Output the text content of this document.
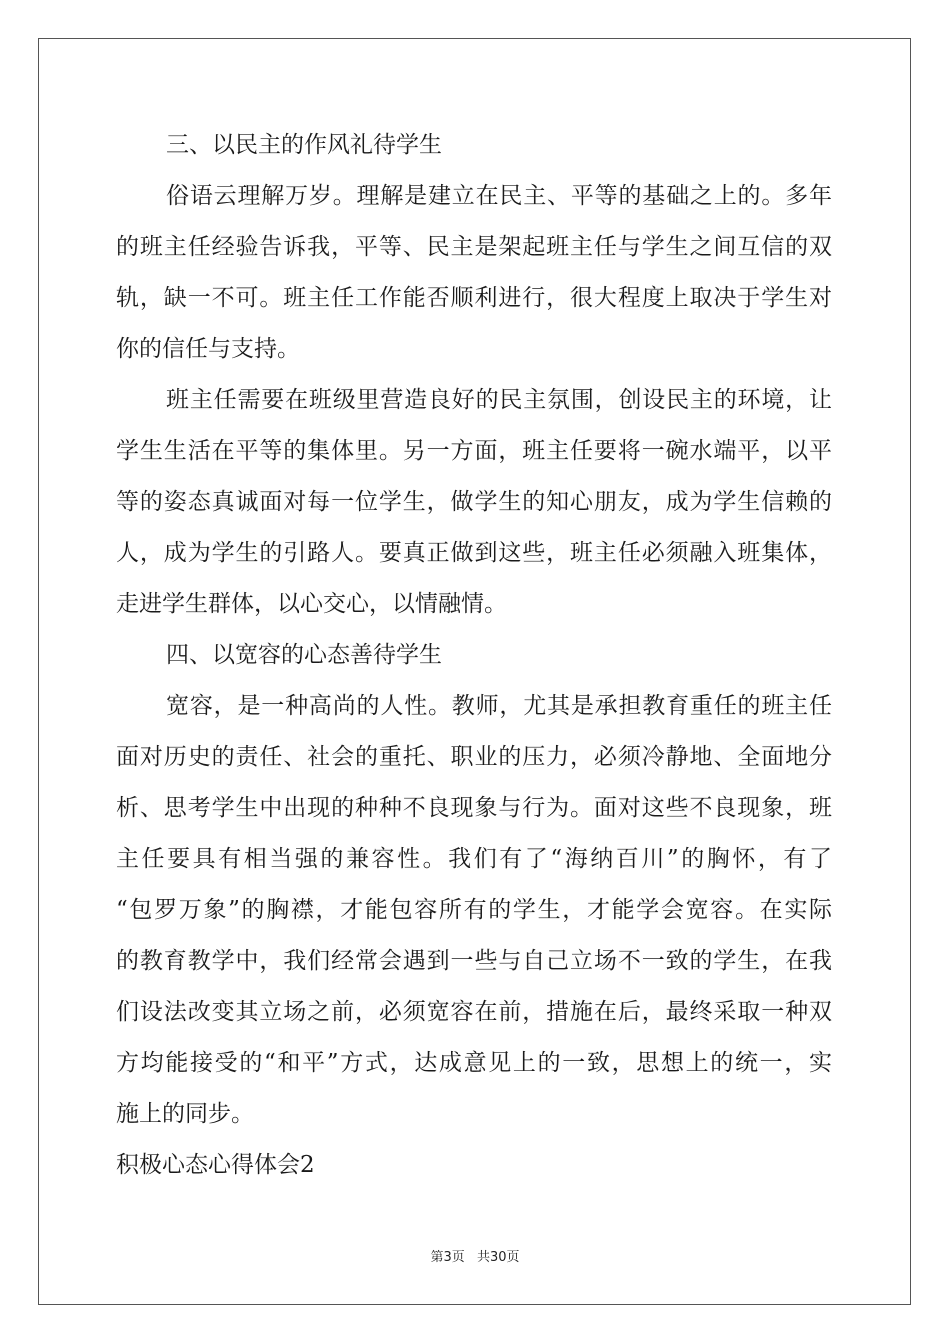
三、以民主的作风礼待学生
俗语云理解万岁。理解是建立在民主、平等的基础之上的。多年
的班主任经验告诉我，平等、民主是架起班主任与学生之间互信的双
轨，缺一不可。班主任工作能否顺利进行，很大程度上取决于学生对
你的信任与支持。
班主任需要在班级里营造良好的民主氛围，创设民主的环境，让
学生生活在平等的集体里。另一方面，班主任要将一碗水端平，以平
等的姿态真诚面对每一位学生，做学生的知心朋友，成为学生信赖的
人，成为学生的引路人。要真正做到这些，班主任必须融入班集体，
走进学生群体，以心交心，以情融情。
四、以宽容的心态善待学生
宽容，是一种高尚的人性。教师，尤其是承担教育重任的班主任
面对历史的责任、社会的重托、职业的压力，必须冷静地、全面地分
析、思考学生中出现的种种不良现象与行为。面对这些不良现象，班
主任要具有相当强的兼容性。我们有了“海纳百川”的胸怀，有了
“包罗万象”的胸襟，才能包容所有的学生，才能学会宽容。在实际
的教育教学中，我们经常会遇到一些与自己立场不一致的学生，在我
们设法改变其立场之前，必须宽容在前，措施在后，最终采取一种双
方均能接受的“和平”方式，达成意见上的一致，思想上的统一，实
施上的同步。
积极心态心得体会2
第3页 共30页
